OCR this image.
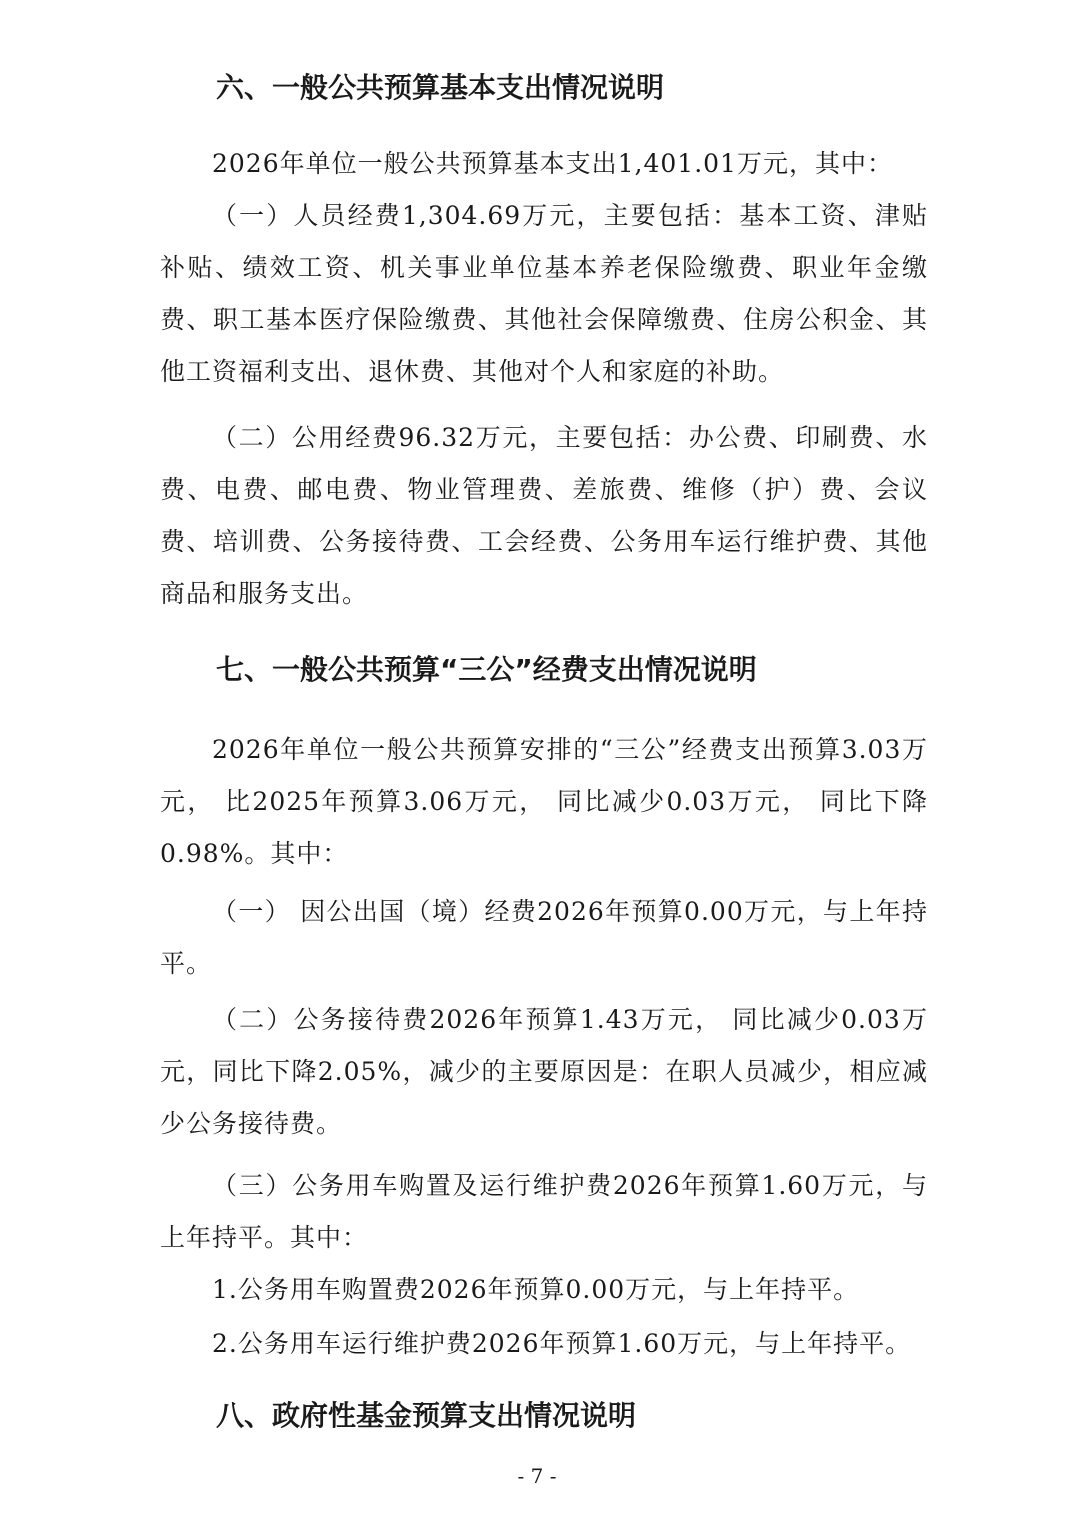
六、一般公共预算基本支出情况说明
2026年单位一般公共预算基本支出1,401.01万元，其中：
（一）人员经费1,304.69万元，主要包括：基本工资、津贴补贴、绩效工资、机关事业单位基本养老保险缴费、职业年金缴费、职工基本医疗保险缴费、其他社会保障缴费、住房公积金、其他工资福利支出、退休费、其他对个人和家庭的补助。
（二）公用经费96.32万元，主要包括：办公费、印刷费、水费、电费、邮电费、物业管理费、差旅费、维修（护）费、会议费、培训费、公务接待费、工会经费、公务用车运行维护费、其他商品和服务支出。
七、一般公共预算“三公”经费支出情况说明
2026年单位一般公共预算安排的“三公”经费支出预算3.03万元， 比2025年预算3.06万元， 同比减少0.03万元， 同比下降0.98%。其中：
（一） 因公出国（境）经费2026年预算0.00万元，与上年持平。
（二）公务接待费2026年预算1.43万元， 同比减少0.03万元，同比下降2.05%，减少的主要原因是：在职人员减少，相应减少公务接待费。
（三）公务用车购置及运行维护费2026年预算1.60万元，与上年持平。其中：
1.公务用车购置费2026年预算0.00万元，与上年持平。
2.公务用车运行维护费2026年预算1.60万元，与上年持平。
八、政府性基金预算支出情况说明
- 7 -
